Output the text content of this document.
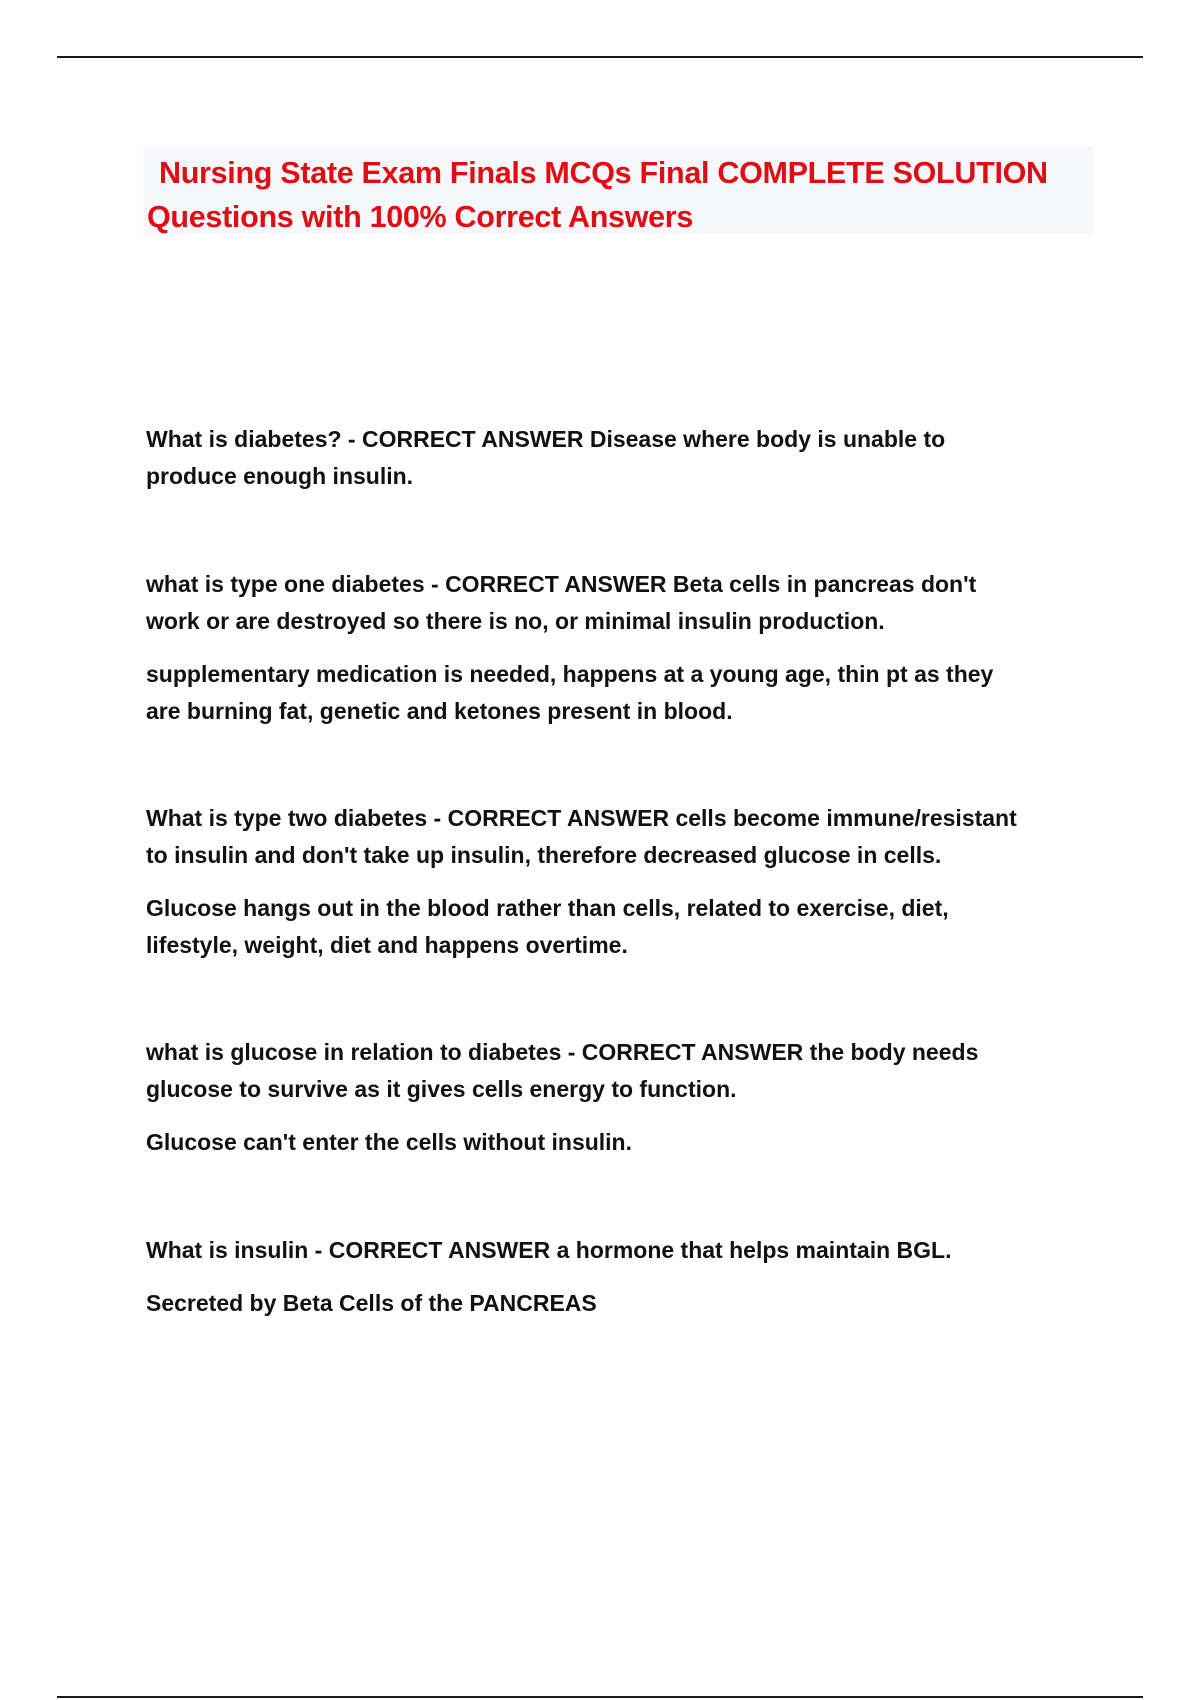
Nursing State Exam Finals MCQs Final COMPLETE SOLUTION
Questions with 100% Correct Answers
What is diabetes? - CORRECT ANSWER Disease where body is unable to
produce enough insulin.
what is type one diabetes - CORRECT ANSWER Beta cells in pancreas don't
work or are destroyed so there is no, or minimal insulin production.
supplementary medication is needed, happens at a young age, thin pt as they
are burning fat, genetic and ketones present in blood.
What is type two diabetes - CORRECT ANSWER cells become immune/resistant
to insulin and don't take up insulin, therefore decreased glucose in cells.
Glucose hangs out in the blood rather than cells, related to exercise, diet,
lifestyle, weight, diet and happens overtime.
what is glucose in relation to diabetes - CORRECT ANSWER the body needs
glucose to survive as it gives cells energy to function.
Glucose can't enter the cells without insulin.
What is insulin - CORRECT ANSWER a hormone that helps maintain BGL.
Secreted by Beta Cells of the PANCREAS
